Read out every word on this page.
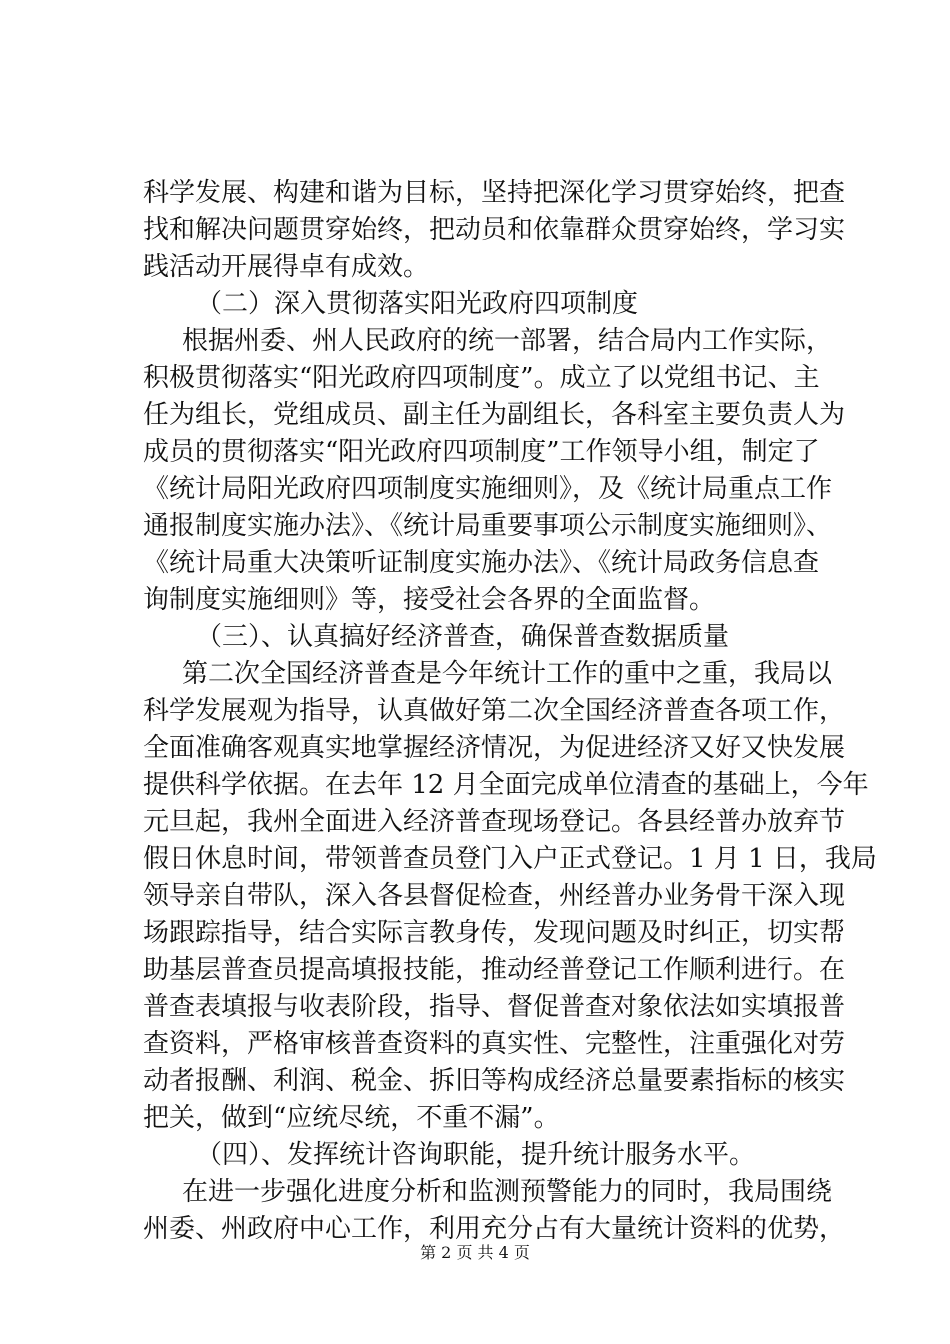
科学发展、构建和谐为目标，坚持把深化学习贯穿始终，把查
找和解决问题贯穿始终，把动员和依靠群众贯穿始终，学习实
践活动开展得卓有成效。
（二）深入贯彻落实阳光政府四项制度
根据州委、州人民政府的统一部署，结合局内工作实际，
积极贯彻落实“阳光政府四项制度”。成立了以党组书记、主
任为组长，党组成员、副主任为副组长，各科室主要负责人为
成员的贯彻落实“阳光政府四项制度”工作领导小组，制定了
《统计局阳光政府四项制度实施细则》，及《统计局重点工作
通报制度实施办法》、《统计局重要事项公示制度实施细则》、
《统计局重大决策听证制度实施办法》、《统计局政务信息查
询制度实施细则》等，接受社会各界的全面监督。
（三）、认真搞好经济普查，确保普查数据质量
第二次全国经济普查是今年统计工作的重中之重，我局以
科学发展观为指导，认真做好第二次全国经济普查各项工作，
全面准确客观真实地掌握经济情况，为促进经济又好又快发展
提供科学依据。在去年 12 月全面完成单位清查的基础上，今年
元旦起，我州全面进入经济普查现场登记。各县经普办放弃节
假日休息时间，带领普查员登门入户正式登记。1 月 1 日，我局
领导亲自带队，深入各县督促检查，州经普办业务骨干深入现
场跟踪指导，结合实际言教身传，发现问题及时纠正，切实帮
助基层普查员提高填报技能，推动经普登记工作顺利进行。在
普查表填报与收表阶段，指导、督促普查对象依法如实填报普
查资料，严格审核普查资料的真实性、完整性，注重强化对劳
动者报酬、利润、税金、拆旧等构成经济总量要素指标的核实
把关，做到“应统尽统，不重不漏”。
（四）、发挥统计咨询职能，提升统计服务水平。
在进一步强化进度分析和监测预警能力的同时，我局围绕
州委、州政府中心工作，利用充分占有大量统计资料的优势，
第 2 页 共 4 页
